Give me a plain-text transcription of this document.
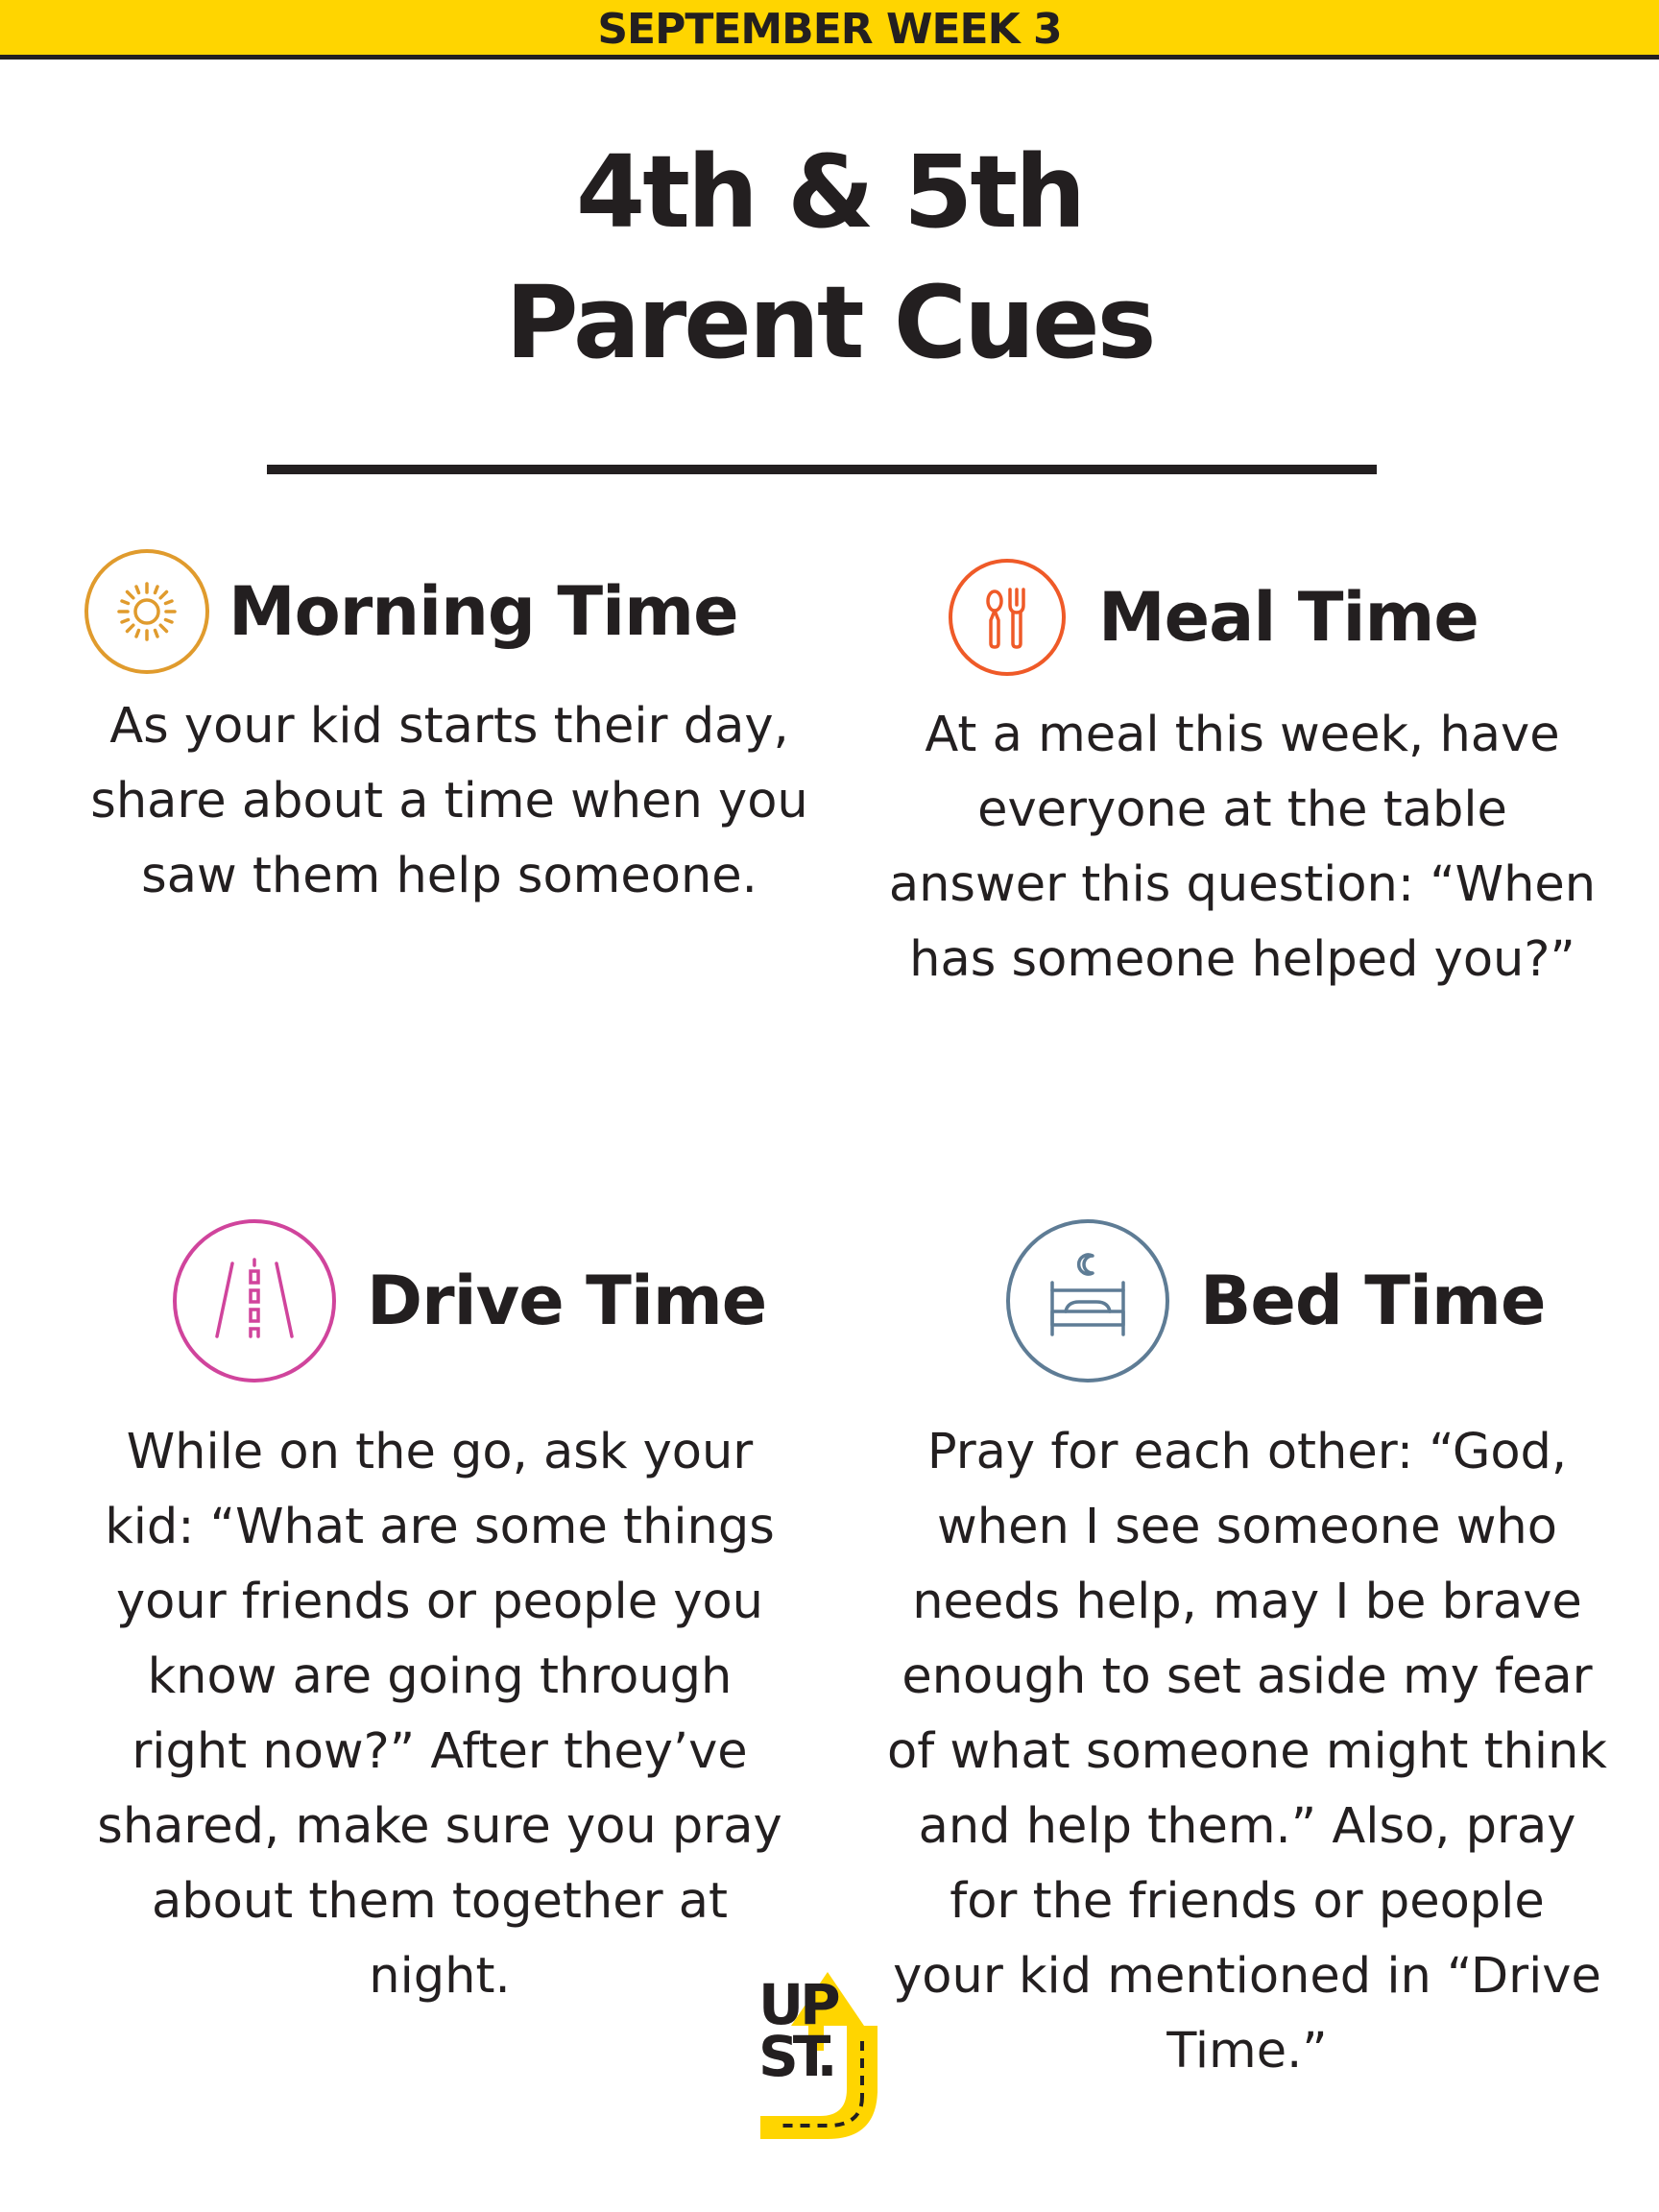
SEPTEMBER WEEK 3
4th & 5th
Parent Cues
Morning Time

As your kid starts their day,
share about a time when you
saw them help someone.

Meal Time

At a meal this week, have
everyone at the table
answer this question: “When
has someone helped you?”

Drive Time

While on the go, ask your
kid: “What are some things
your friends or people you
know are going through
right now?” After they’ve
shared, make sure you pray
about them together at
night.

Bed Time

Pray for each other: “God,
when I see someone who
needs help, may I be brave
enough to set aside my fear
of what someone might think
and help them.” Also, pray
for the friends or people
your kid mentioned in “Drive
Time.”

UP
ST.
